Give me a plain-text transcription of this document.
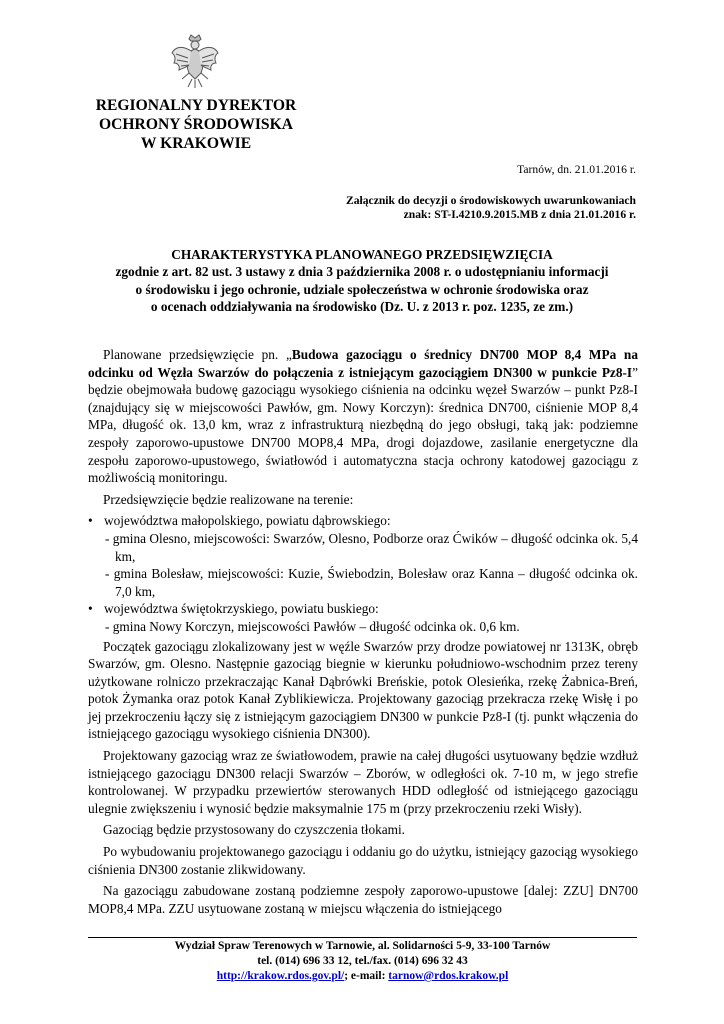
REGIONALNY DYREKTOR
OCHRONY ŚRODOWISKA
W KRAKOWIE
Tarnów, dn. 21.01.2016 r.
Załącznik do decyzji o środowiskowych uwarunkowaniach
znak: ST-I.4210.9.2015.MB z dnia 21.01.2016 r.
CHARAKTERYSTYKA PLANOWANEGO PRZEDSIĘWZIĘCIA
zgodnie z art. 82 ust. 3 ustawy z dnia 3 października 2008 r. o udostępnianiu informacji
o środowisku i jego ochronie, udziale społeczeństwa w ochronie środowiska oraz
o ocenach oddziaływania na środowisko (Dz. U. z 2013 r. poz. 1235, ze zm.)

Planowane przedsięwzięcie pn. „Budowa gazociągu o średnicy DN700 MOP 8,4 MPa na odcinku od Węzła Swarzów do połączenia z istniejącym gazociągiem DN300 w punkcie Pz8-I” będzie obejmowała budowę gazociągu wysokiego ciśnienia na odcinku węzeł Swarzów – punkt Pz8-I (znajdujący się w miejscowości Pawłów, gm. Nowy Korczyn): średnica DN700, ciśnienie MOP 8,4 MPa, długość ok. 13,0 km, wraz z infrastrukturą niezbędną do jego obsługi, taką jak: podziemne zespoły zaporowo-upustowe DN700 MOP8,4 MPa, drogi dojazdowe, zasilanie energetyczne dla zespołu zaporowo-upustowego, światłowód i automatyczna stacja ochrony katodowej gazociągu z możliwością monitoringu.

Przedsięwzięcie będzie realizowane na terenie:

• województwa małopolskiego, powiatu dąbrowskiego:
- gmina Olesno, miejscowości: Swarzów, Olesno, Podborze oraz Ćwików – długość odcinka ok. 5,4 km,
- gmina Bolesław, miejscowości: Kuzie, Świebodzin, Bolesław oraz Kanna – długość odcinka ok. 7,0 km,
• województwa świętokrzyskiego, powiatu buskiego:
- gmina Nowy Korczyn, miejscowości Pawłów – długość odcinka ok. 0,6 km.

Początek gazociągu zlokalizowany jest w węźle Swarzów przy drodze powiatowej nr 1313K, obręb Swarzów, gm. Olesno. Następnie gazociąg biegnie w kierunku południowo-wschodnim przez tereny użytkowane rolniczo przekraczając Kanał Dąbrówki Breńskie, potok Olesieńka, rzekę Żabnica-Breń, potok Żymanka oraz potok Kanał Zyblikiewicza. Projektowany gazociąg przekracza rzekę Wisłę i po jej przekroczeniu łączy się z istniejącym gazociągiem DN300 w punkcie Pz8-I (tj. punkt włączenia do istniejącego gazociągu wysokiego ciśnienia DN300).

Projektowany gazociąg wraz ze światłowodem, prawie na całej długości usytuowany będzie wzdłuż istniejącego gazociągu DN300 relacji Swarzów – Zborów, w odległości ok. 7-10 m, w jego strefie kontrolowanej. W przypadku przewiertów sterowanych HDD odległość od istniejącego gazociągu ulegnie zwiększeniu i wynosić będzie maksymalnie 175 m (przy przekroczeniu rzeki Wisły).

Gazociąg będzie przystosowany do czyszczenia tłokami.

Po wybudowaniu projektowanego gazociągu i oddaniu go do użytku, istniejący gazociąg wysokiego ciśnienia DN300 zostanie zlikwidowany.

Na gazociągu zabudowane zostaną podziemne zespoły zaporowo-upustowe [dalej: ZZU] DN700 MOP8,4 MPa. ZZU usytuowane zostaną w miejscu włączenia do istniejącego

Wydział Spraw Terenowych w Tarnowie, al. Solidarności 5-9, 33-100 Tarnów
tel. (014) 696 33 12, tel./fax. (014) 696 32 43
http://krakow.rdos.gov.pl/; e-mail: tarnow@rdos.krakow.pl
